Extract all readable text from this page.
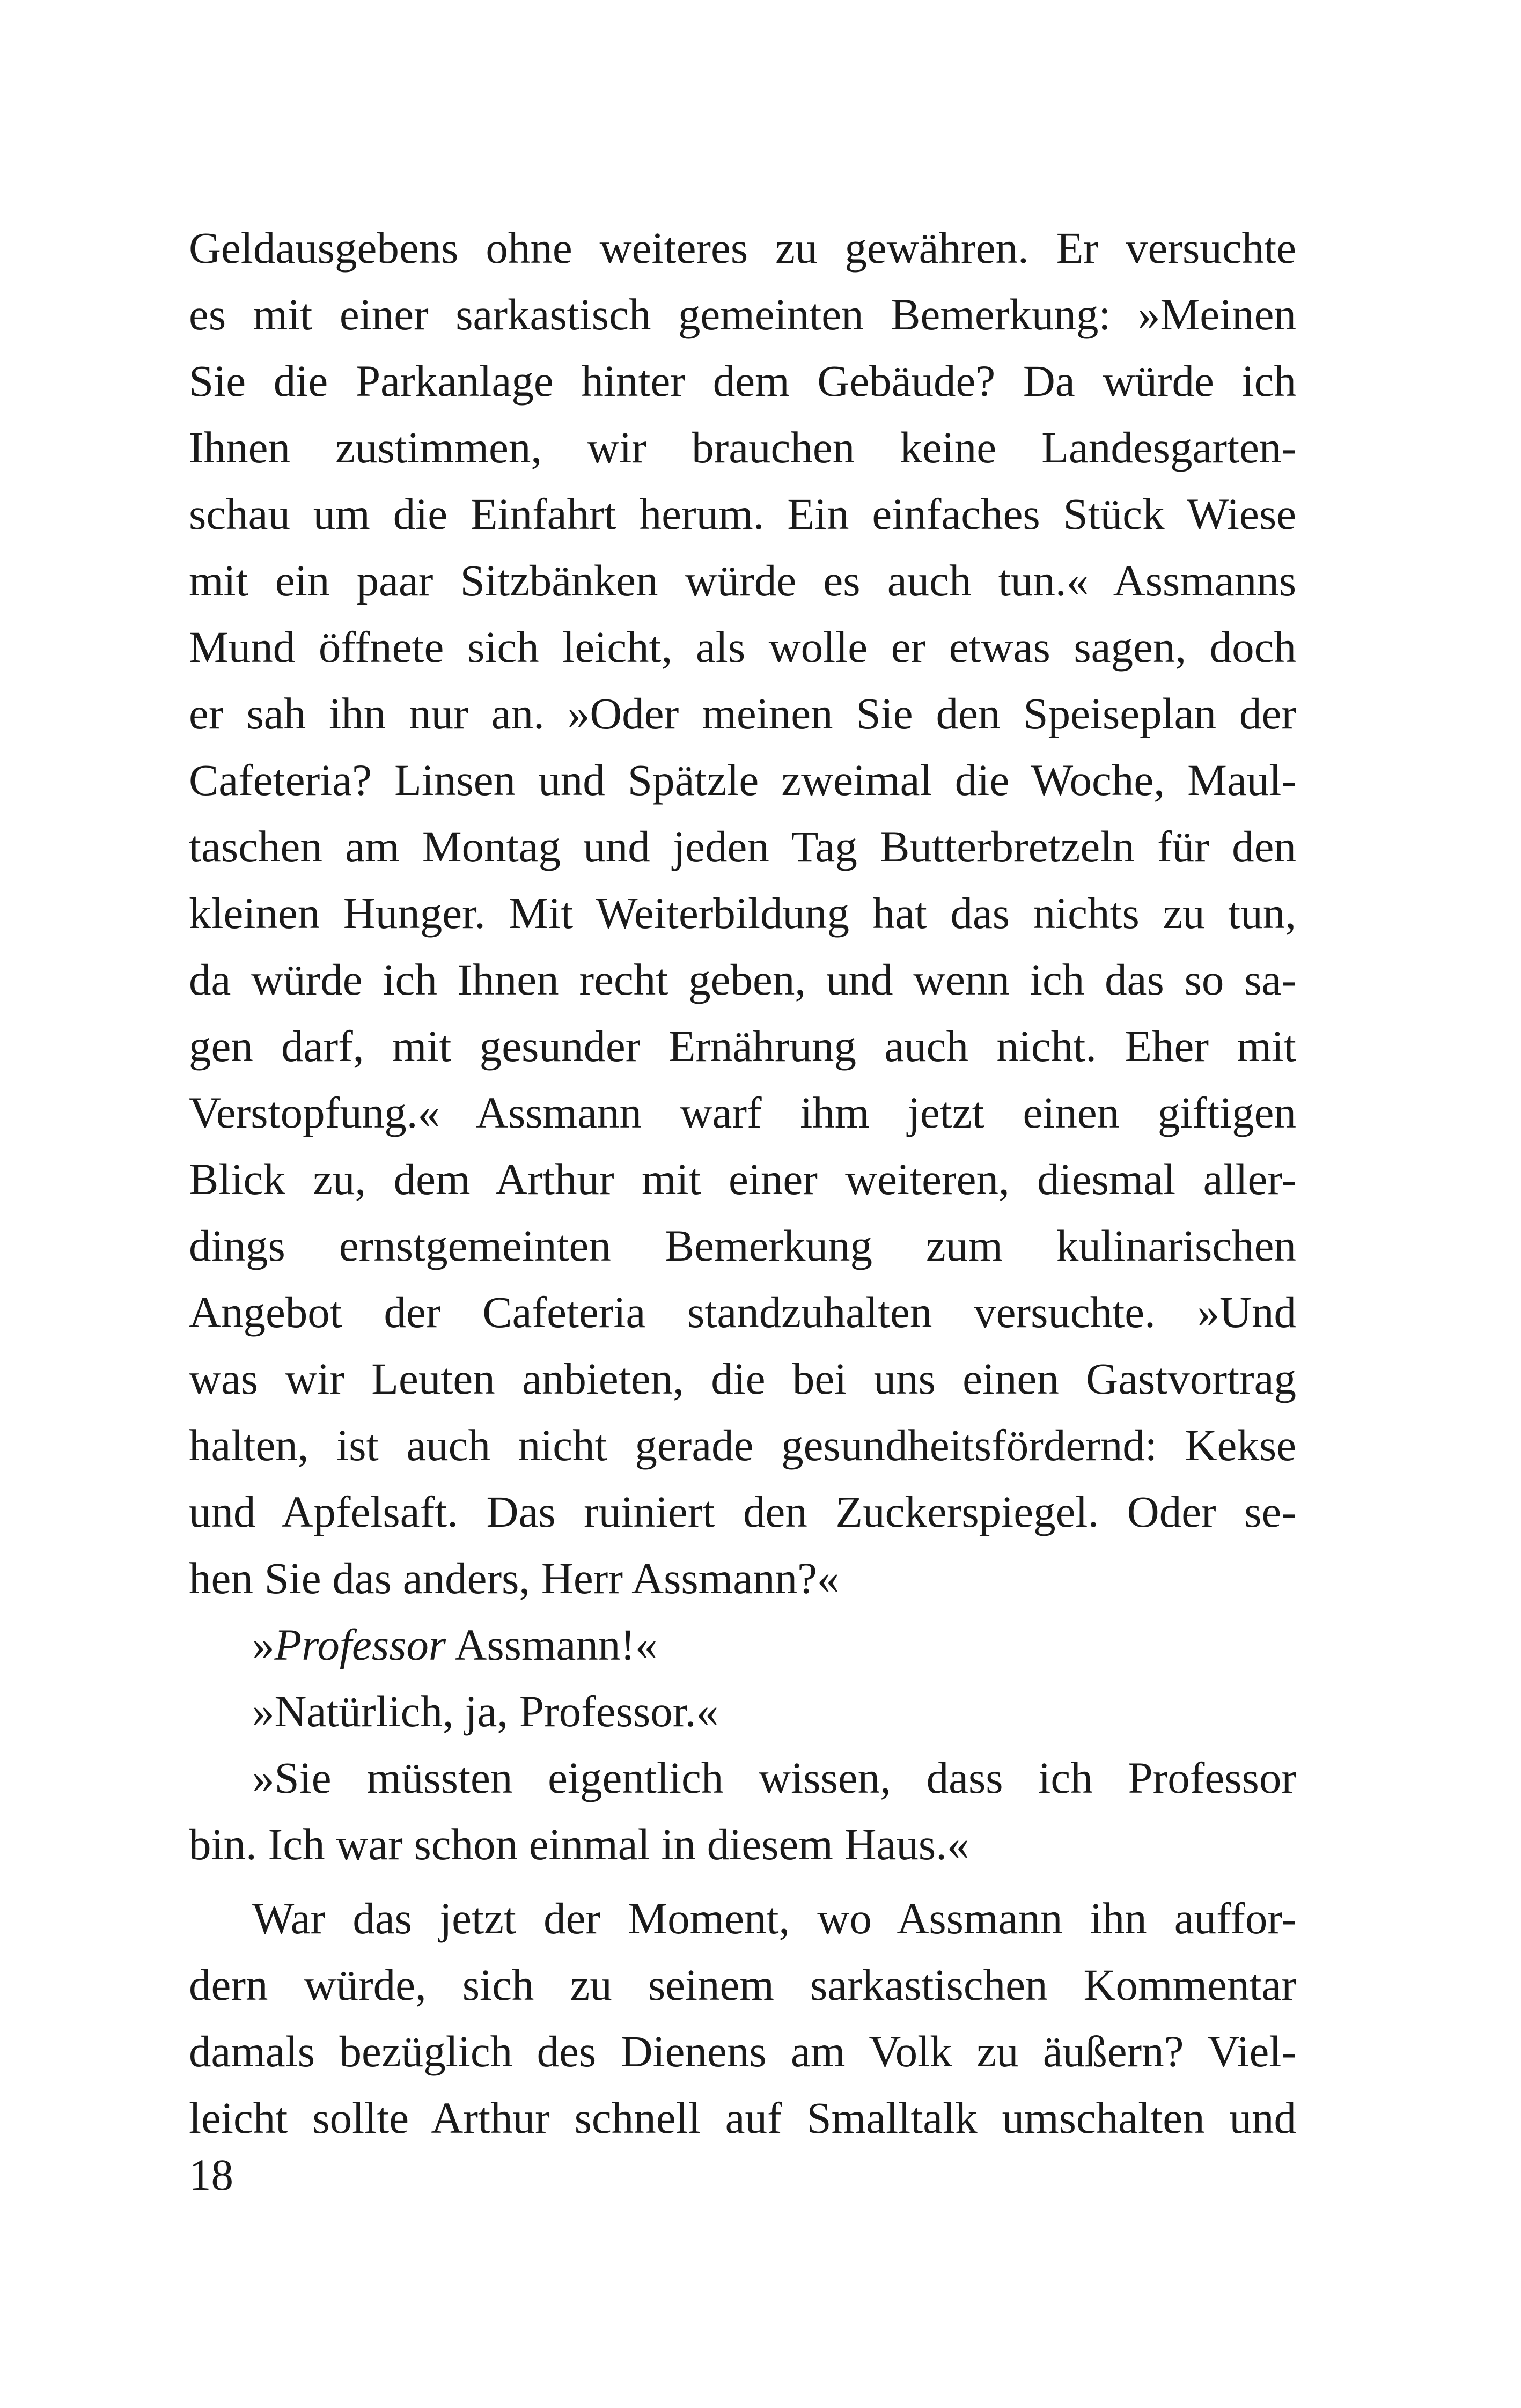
Geldausgebens ohne weiteres zu gewähren. Er versuchte
es mit einer sarkastisch gemeinten Bemerkung: »Meinen
Sie die Parkanlage hinter dem Gebäude? Da würde ich
Ihnen zustimmen, wir brauchen keine Landesgarten-
schau um die Einfahrt herum. Ein einfaches Stück Wiese
mit ein paar Sitzbänken würde es auch tun.« Assmanns
Mund öffnete sich leicht, als wolle er etwas sagen, doch
er sah ihn nur an. »Oder meinen Sie den Speiseplan der
Cafeteria? Linsen und Spätzle zweimal die Woche, Maul-
taschen am Montag und jeden Tag Butterbretzeln für den
kleinen Hunger. Mit Weiterbildung hat das nichts zu tun,
da würde ich Ihnen recht geben, und wenn ich das so sa-
gen darf, mit gesunder Ernährung auch nicht. Eher mit
Verstopfung.« Assmann warf ihm jetzt einen giftigen
Blick zu, dem Arthur mit einer weiteren, diesmal aller-
dings ernstgemeinten Bemerkung zum kulinarischen
Angebot der Cafeteria standzuhalten versuchte. »Und
was wir Leuten anbieten, die bei uns einen Gastvortrag
halten, ist auch nicht gerade gesundheitsfördernd: Kekse
und Apfelsaft. Das ruiniert den Zuckerspiegel. Oder se-
hen Sie das anders, Herr Assmann?«
»Professor Assmann!«
»Natürlich, ja, Professor.«
»Sie müssten eigentlich wissen, dass ich Professor
bin. Ich war schon einmal in diesem Haus.«
War das jetzt der Moment, wo Assmann ihn auffor-
dern würde, sich zu seinem sarkastischen Kommentar
damals bezüglich des Dienens am Volk zu äußern? Viel-
leicht sollte Arthur schnell auf Smalltalk umschalten und
18
